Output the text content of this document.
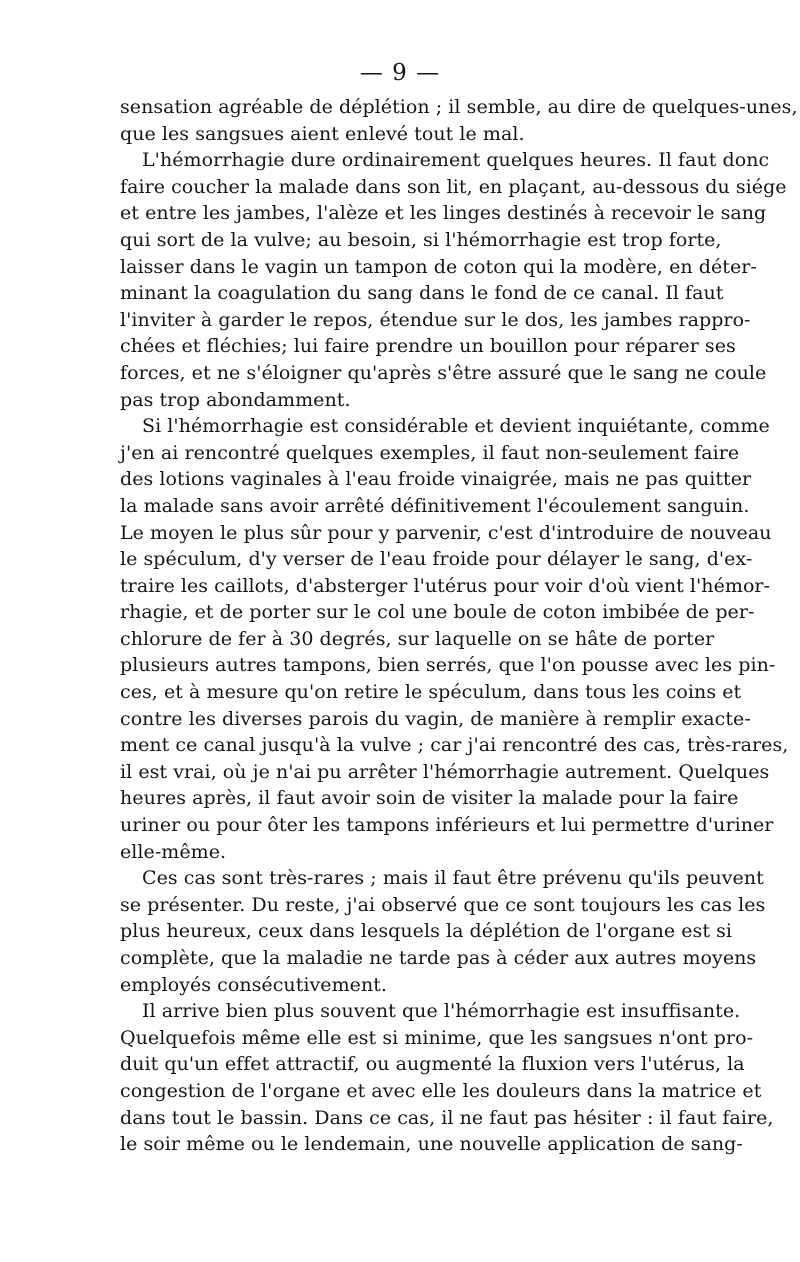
— 9 —
sensation agréable de déplétion ; il semble, au dire de quelques-unes,
que les sangsues aient enlevé tout le mal.
L'hémorrhagie dure ordinairement quelques heures. Il faut donc
faire coucher la malade dans son lit, en plaçant, au-dessous du siége
et entre les jambes, l'alèze et les linges destinés à recevoir le sang
qui sort de la vulve; au besoin, si l'hémorrhagie est trop forte,
laisser dans le vagin un tampon de coton qui la modère, en déter-
minant la coagulation du sang dans le fond de ce canal. Il faut
l'inviter à garder le repos, étendue sur le dos, les jambes rappro-
chées et fléchies; lui faire prendre un bouillon pour réparer ses
forces, et ne s'éloigner qu'après s'être assuré que le sang ne coule
pas trop abondamment.
Si l'hémorrhagie est considérable et devient inquiétante, comme
j'en ai rencontré quelques exemples, il faut non-seulement faire
des lotions vaginales à l'eau froide vinaigrée, mais ne pas quitter
la malade sans avoir arrêté définitivement l'écoulement sanguin.
Le moyen le plus sûr pour y parvenir, c'est d'introduire de nouveau
le spéculum, d'y verser de l'eau froide pour délayer le sang, d'ex-
traire les caillots, d'absterger l'utérus pour voir d'où vient l'hémor-
rhagie, et de porter sur le col une boule de coton imbibée de per-
chlorure de fer à 30 degrés, sur laquelle on se hâte de porter
plusieurs autres tampons, bien serrés, que l'on pousse avec les pin-
ces, et à mesure qu'on retire le spéculum, dans tous les coins et
contre les diverses parois du vagin, de manière à remplir exacte-
ment ce canal jusqu'à la vulve ; car j'ai rencontré des cas, très-rares,
il est vrai, où je n'ai pu arrêter l'hémorrhagie autrement. Quelques
heures après, il faut avoir soin de visiter la malade pour la faire
uriner ou pour ôter les tampons inférieurs et lui permettre d'uriner
elle-même.
Ces cas sont très-rares ; mais il faut être prévenu qu'ils peuvent
se présenter. Du reste, j'ai observé que ce sont toujours les cas les
plus heureux, ceux dans lesquels la déplétion de l'organe est si
complète, que la maladie ne tarde pas à céder aux autres moyens
employés consécutivement.
Il arrive bien plus souvent que l'hémorrhagie est insuffisante.
Quelquefois même elle est si minime, que les sangsues n'ont pro-
duit qu'un effet attractif, ou augmenté la fluxion vers l'utérus, la
congestion de l'organe et avec elle les douleurs dans la matrice et
dans tout le bassin. Dans ce cas, il ne faut pas hésiter : il faut faire,
le soir même ou le lendemain, une nouvelle application de sang-
